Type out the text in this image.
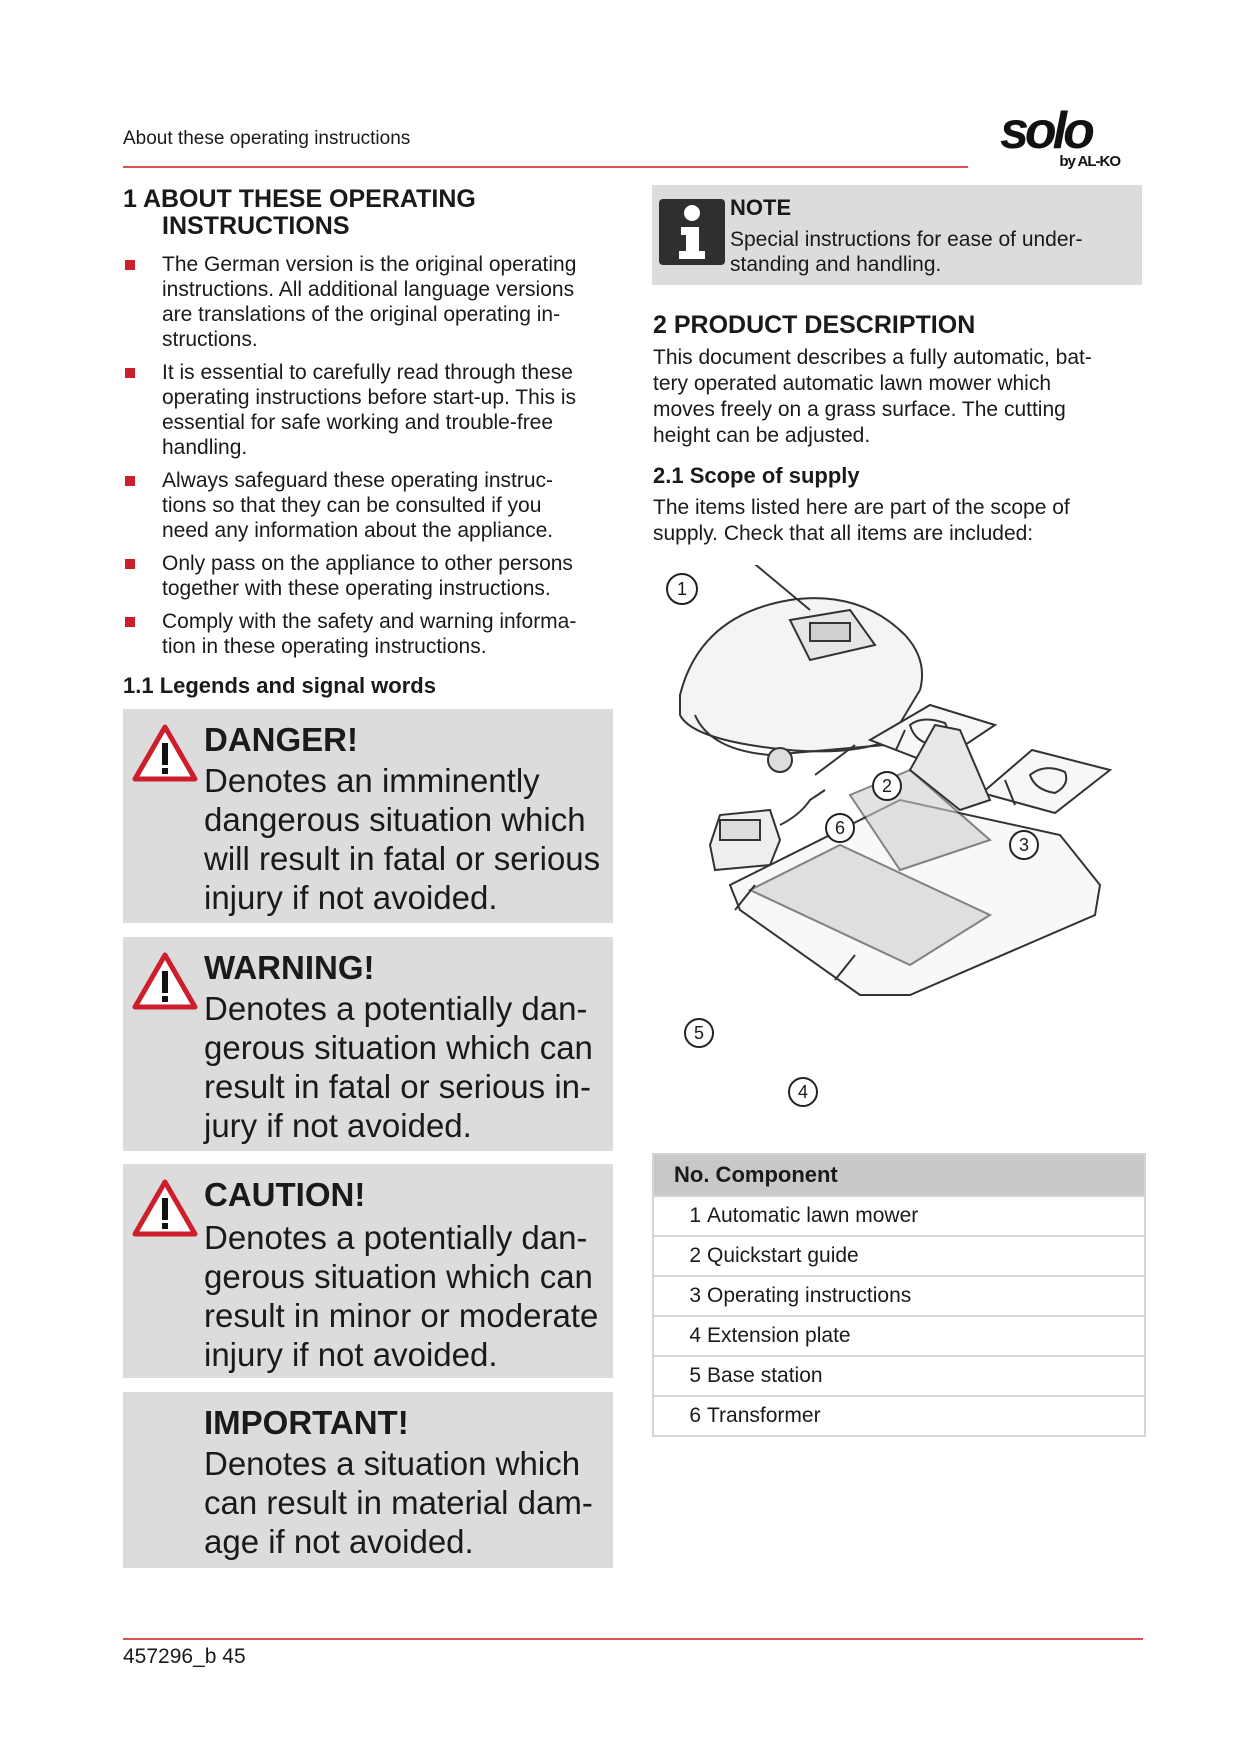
About these operating instructions	solo
by AL-KO
1 ABOUT THESE OPERATING
INSTRUCTIONS
The German version is the original operating
instructions. All additional language versions
are translations of the original operating in-
structions.
It is essential to carefully read through these
operating instructions before start-up. This is
essential for safe working and trouble-free
handling.
Always safeguard these operating instruc-
tions so that they can be consulted if you
need any information about the appliance.
Only pass on the appliance to other persons
together with these operating instructions.
Comply with the safety and warning informa-
tion in these operating instructions.
1.1 Legends and signal words
DANGER!
Denotes an imminently
dangerous situation which
will result in fatal or serious
injury if not avoided.
WARNING!
Denotes a potentially dan-
gerous situation which can
result in fatal or serious in-
jury if not avoided.
CAUTION!
Denotes a potentially dan-
gerous situation which can
result in minor or moderate
injury if not avoided.
IMPORTANT!
Denotes a situation which
can result in material dam-
age if not avoided.
NOTE
Special instructions for ease of under-
standing and handling.
2 PRODUCT DESCRIPTION
This document describes a fully automatic, bat-
tery operated automatic lawn mower which
moves freely on a grass surface. The cutting
height can be adjusted.
2.1 Scope of supply
The items listed here are part of the scope of
supply. Check that all items are included:
1
2
3
4
5
6
No. Component	
1	Automatic lawn mower
2	Quickstart guide
3	Operating instructions
4	Extension plate
5	Base station
6	Transformer
457296_b 45
